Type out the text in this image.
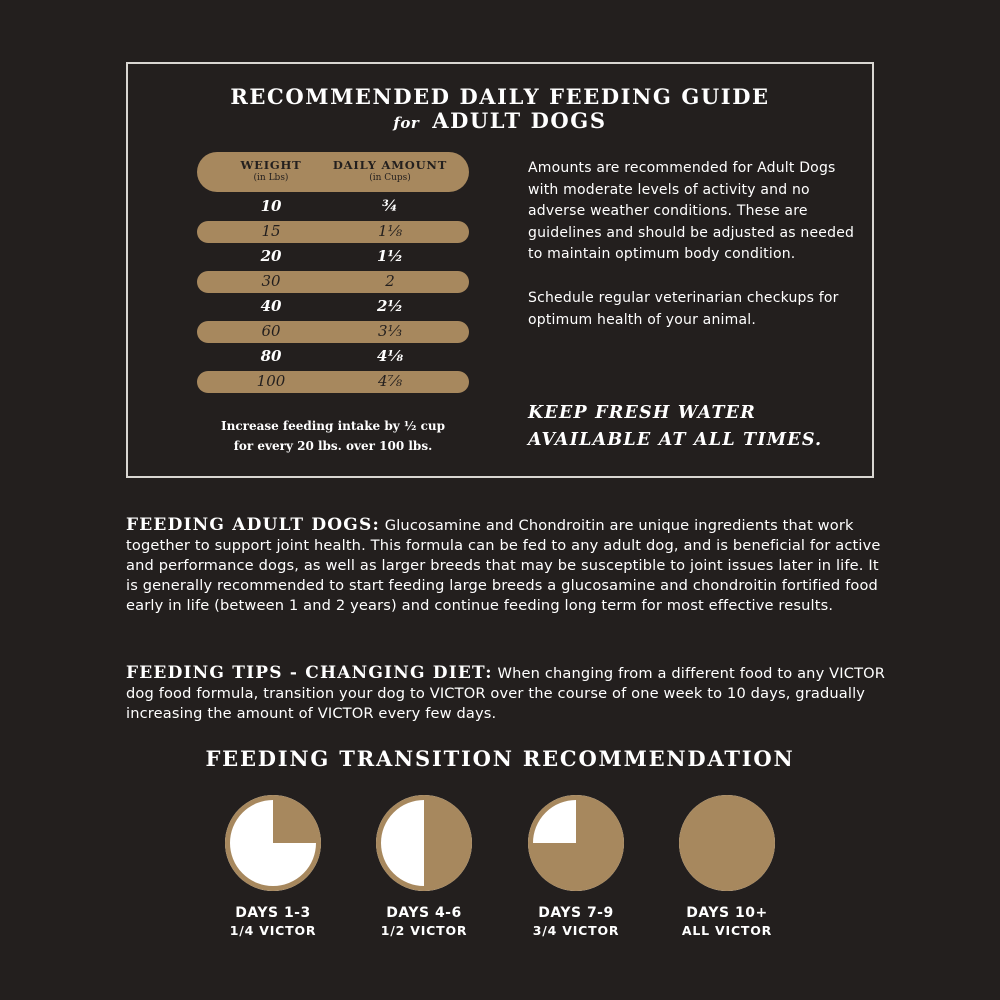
RECOMMENDED DAILY FEEDING GUIDE
for ADULT DOGS
WEIGHT
(in Lbs)
DAILY AMOUNT
(in Cups)
10	¾
15	1⅛
20	1½
30	2
40	2½
60	3⅓
80	4⅛
100	4⅞
Increase feeding intake by ½ cup
for every 20 lbs. over 100 lbs.

Amounts are recommended for Adult Dogs with moderate levels of activity and no adverse weather conditions. These are guidelines and should be adjusted as needed to maintain optimum body condition.

Schedule regular veterinarian checkups for optimum health of your animal.

KEEP FRESH WATER
AVAILABLE AT ALL TIMES.
FEEDING ADULT DOGS: Glucosamine and Chondroitin are unique ingredients that work together to support joint health. This formula can be fed to any adult dog, and is beneficial for active and performance dogs, as well as larger breeds that may be susceptible to joint issues later in life. It is generally recommended to start feeding large breeds a glucosamine and chondroitin fortified food early in life (between 1 and 2 years) and continue feeding long term for most effective results.
FEEDING TIPS - CHANGING DIET: When changing from a different food to any VICTOR dog food formula, transition your dog to VICTOR over the course of one week to 10 days, gradually increasing the amount of VICTOR every few days.
FEEDING TRANSITION RECOMMENDATION
DAYS 1-3
1/4 VICTOR
DAYS 4-6
1/2 VICTOR
DAYS 7-9
3/4 VICTOR
DAYS 10+
ALL VICTOR
